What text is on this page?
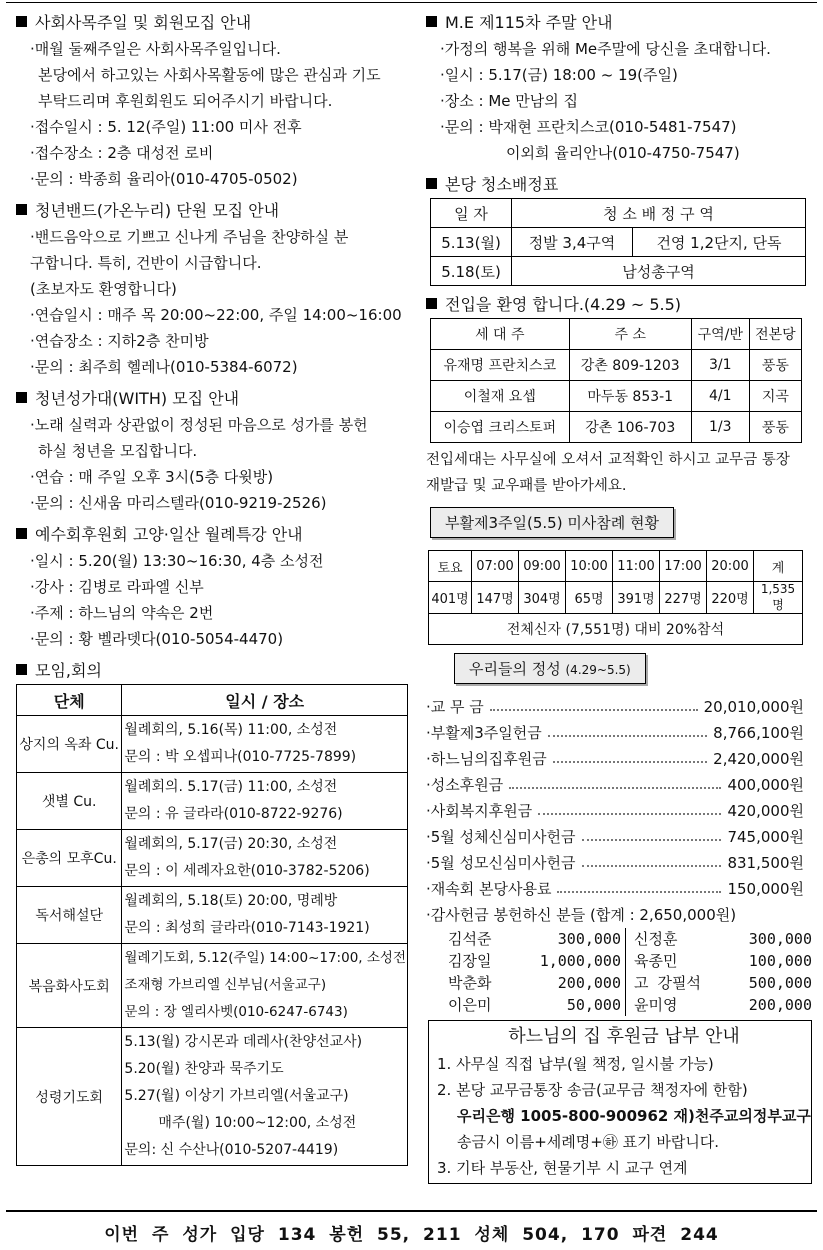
사회사목주일 및 회원모집 안내
·매월 둘째주일은 사회사목주일입니다.
본당에서 하고있는 사회사목활동에 많은 관심과 기도
부탁드리며 후원회원도 되어주시기 바랍니다.
·접수일시 : 5. 12(주일) 11:00 미사 전후
·접수장소 : 2층 대성전 로비
·문의 : 박종희 율리아(010-4705-0502)
청년밴드(가온누리) 단원 모집 안내
·밴드음악으로 기쁘고 신나게 주님을 찬양하실 분
구합니다. 특히, 건반이 시급합니다.
(초보자도 환영합니다)
·연습일시 : 매주 목 20:00~22:00, 주일 14:00~16:00
·연습장소 : 지하2층 찬미방
·문의 : 최주희 헬레나(010-5384-6072)
청년성가대(WITH) 모집 안내
·노래 실력과 상관없이 정성된 마음으로 성가를 봉헌
하실 청년을 모집합니다.
·연습 : 매 주일 오후 3시(5층 다윗방)
·문의 : 신새움 마리스텔라(010-9219-2526)
예수회후원회 고양·일산 월례특강 안내
·일시 : 5.20(월) 13:30~16:30, 4층 소성전
·강사 : 김병로 라파엘 신부
·주제 : 하느님의 약속은 2번
·문의 : 황 벨라뎃다(010-5054-4470)
모임,회의
단체	일시 / 장소
상지의 옥좌 Cu.	월례회의, 5.16(목) 11:00, 소성전
문의 : 박 오셉피나(010-7725-7899)

샛별 Cu.	월례회의. 5.17(금) 11:00, 소성전
문의 : 유 글라라(010-8722-9276)

은총의 모후Cu.	월례회의, 5.17(금) 20:30, 소성전
문의 : 이 세례자요한(010-3782-5206)

독서해설단	월례회의, 5.18(토) 20:00, 명례방
문의 : 최성희 글라라(010-7143-1921)

복음화사도회	월례기도회, 5.12(주일) 14:00~17:00, 소성전
조재형 가브리엘 신부님(서울교구)
문의 : 장 엘리사벳(010-6247-6743)

성령기도회	5.13(월) 강시몬과 데레사(찬양선교사)
5.20(월) 찬양과 묵주기도
5.27(월) 이상기 가브리엘(서울교구)
매주(월) 10:00~12:00, 소성전
문의: 신 수산나(010-5207-4419)
M.E 제115차 주말 안내
·가정의 행복을 위해 Me주말에 당신을 초대합니다.
·일시 : 5.17(금) 18:00 ~ 19(주일)
·장소 : Me 만남의 집
·문의 : 박재현 프란치스코(010-5481-7547)
이외희 율리안나(010-4750-7547)
본당 청소배정표
일 자	청 소 배 정 구 역	
5.13(월)	정발 3,4구역	건영 1,2단지, 단독
5.18(토)	남성총구역	
전입을 환영 합니다.(4.29 ~ 5.5)
세 대 주	주 소	구역/반	전본당
유재명 프란치스코	강촌 809-1203	3/1	풍동
이철재 요셉	마두동 853-1	4/1	지곡
이승엽 크리스토퍼	강촌 106-703	1/3	풍동
전입세대는 사무실에 오셔서 교적확인 하시고 교무금 통장
재발급 및 교우패를 받아가세요.
부활제3주일(5.5) 미사참례 현황
토요	07:00	09:00	10:00	11:00	17:00	20:00	계
401명	147명	304명	65명	391명	227명	220명	1,535명
전체신자 (7,551명) 대비 20%참석							
우리들의 정성 (4.29~5.5)
·교 무 금	20,010,000원
·부활제3주일헌금	8,766,100원
·하느님의집후원금	2,420,000원
·성소후원금	400,000원
·사회복지후원금	420,000원
·5월 성체신심미사헌금	745,000원
·5월 성모신심미사헌금	831,500원
·재속회 본당사용료	150,000원
·감사헌금 봉헌하신 분들 (합계 : 2,650,000원)
김석준	300,000 신정훈	300,000
김장일	1,000,000 육종민	100,000
박춘화	200,000 고 강필석	500,000
이은미	50,000 윤미영	200,000
하느님의 집 후원금 납부 안내
1. 사무실 직접 납부(월 책정, 일시불 가능)
2. 본당 교무금통장 송금(교무금 책정자에 한함)
우리은행 1005-800-900962 재)천주교의정부교구
송금시 이름+세례명+㉻ 표기 바랍니다.
3. 기타 부동산, 현물기부 시 교구 연계
이번 주 성가 입당 134 봉헌 55, 211 성체 504, 170 파견 244
